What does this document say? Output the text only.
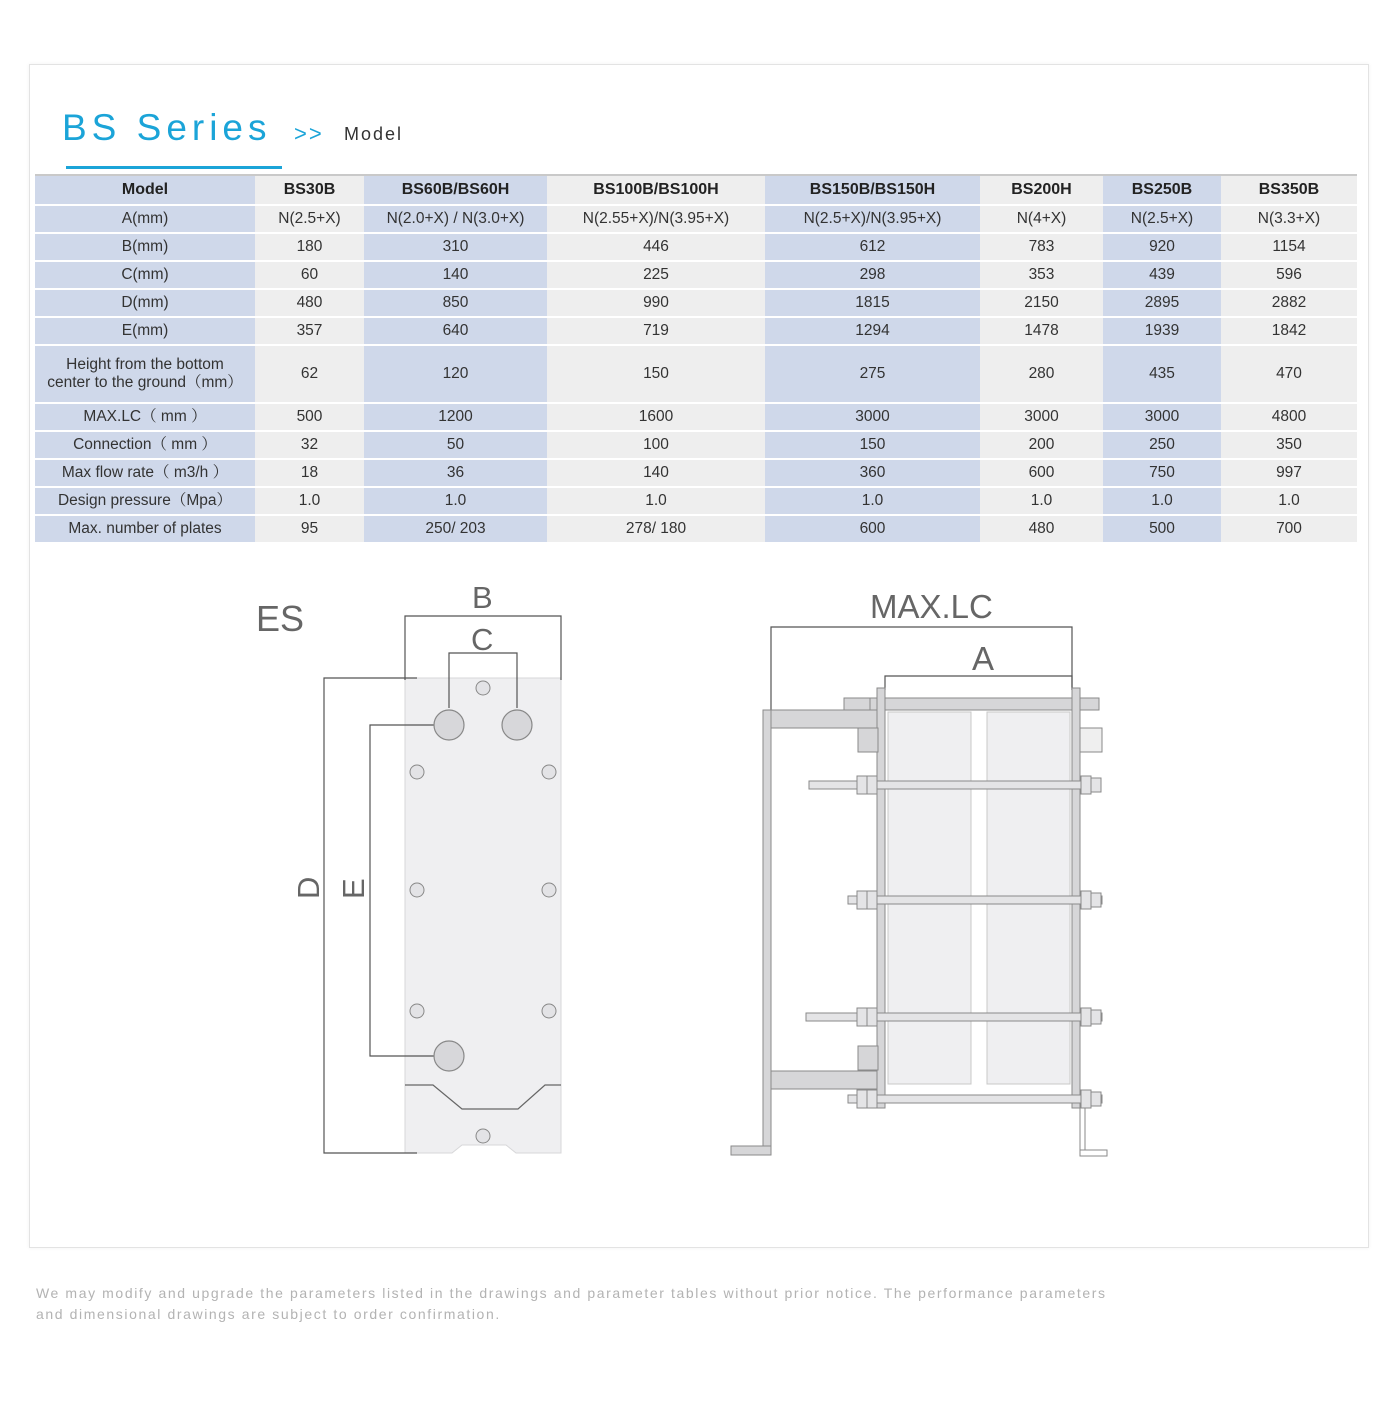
BS Series >> Model
Model	BS30B	BS60B/BS60H	BS100B/BS100H	BS150B/BS150H	BS200H	BS250B	BS350B
A(mm)	N(2.5+X)	N(2.0+X) / N(3.0+X)	N(2.55+X)/N(3.95+X)	N(2.5+X)/N(3.95+X)	N(4+X)	N(2.5+X)	N(3.3+X)
B(mm)	180	310	446	612	783	920	1154
C(mm)	60	140	225	298	353	439	596
D(mm)	480	850	990	1815	2150	2895	2882
E(mm)	357	640	719	1294	1478	1939	1842
Height from the bottom
center to the ground（mm）	62	120	150	275	280	435	470
MAX.LC（ mm ）	500	1200	1600	3000	3000	3000	4800
Connection（ mm ）	32	50	100	150	200	250	350
Max flow rate（ m3/h ）	18	36	140	360	600	750	997
Design pressure（Mpa）	1.0	1.0	1.0	1.0	1.0	1.0	1.0
Max. number of plates	95	250/ 203	278/ 180	600	480	500	700
ES
B
C
D E
MAX.LC
A
We may modify and upgrade the parameters listed in the drawings and parameter tables without prior notice. The performance parameters and dimensional drawings are subject to order confirmation.
